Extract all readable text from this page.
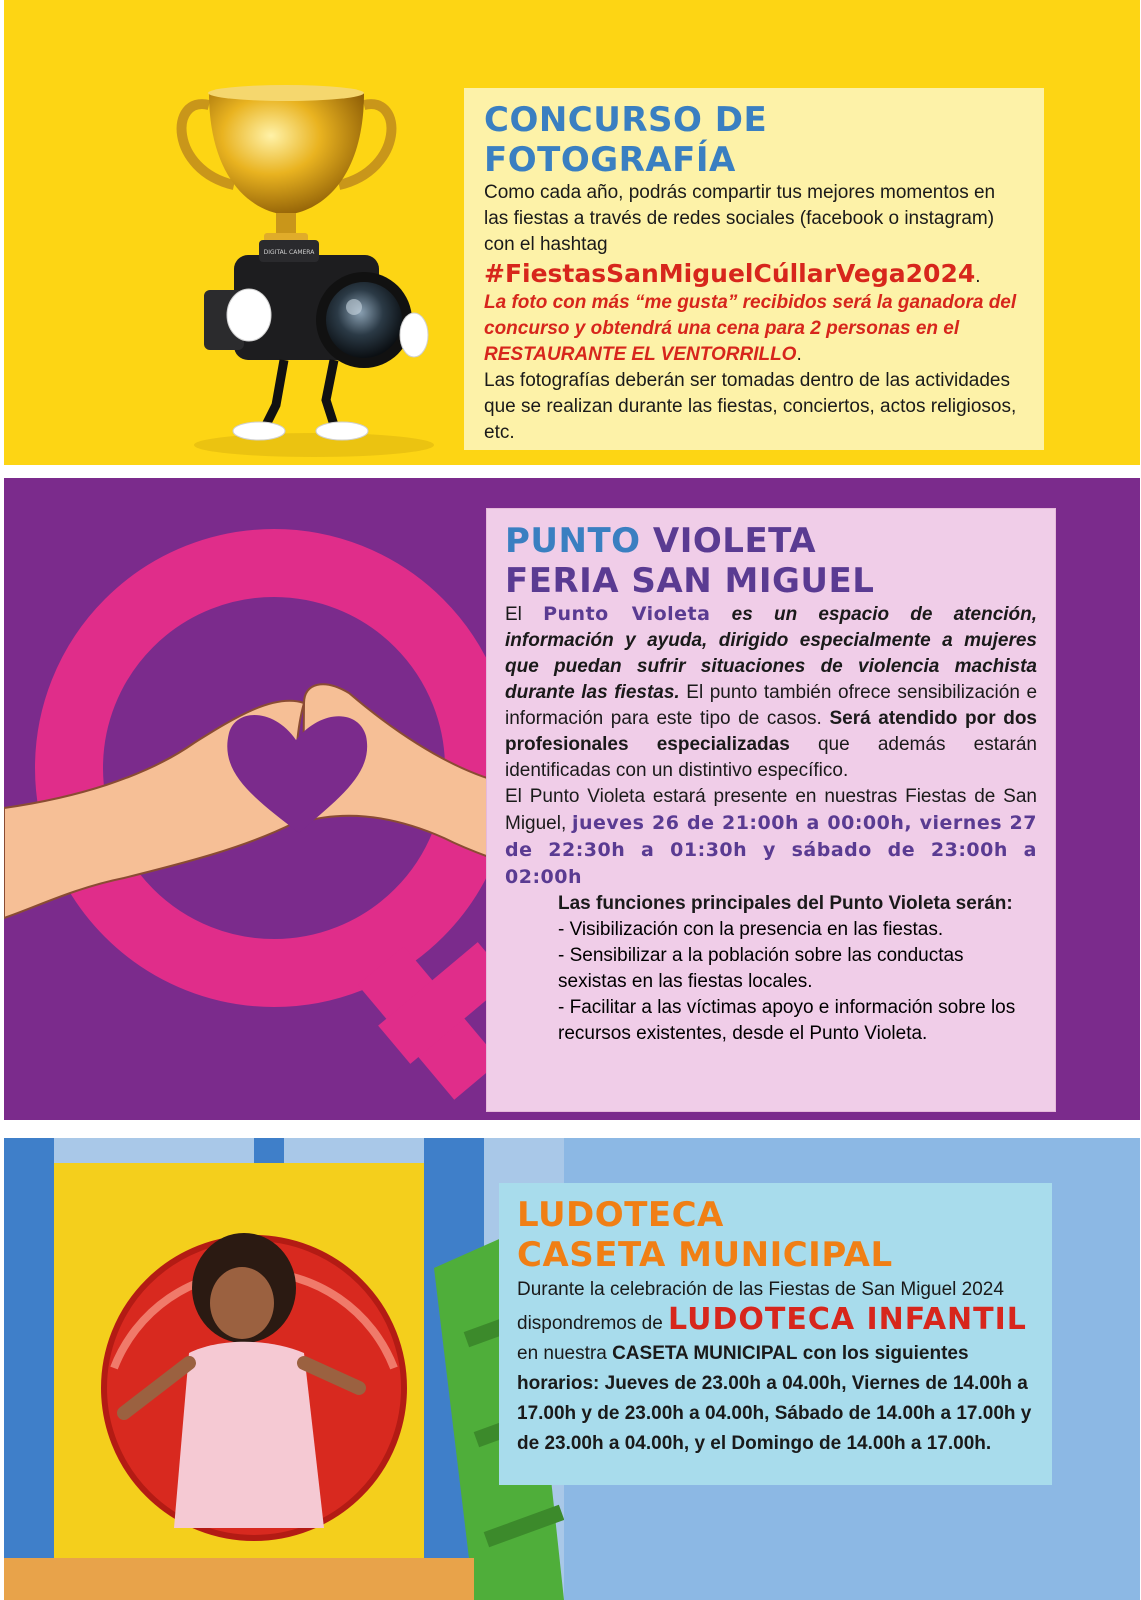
DIGITAL CAMERA
CONCURSO DE
FOTOGRAFÍA

Como cada año, podrás compartir tus mejores momentos en las fiestas a través de redes sociales (facebook o instagram) con el hashtag
#FiestasSanMiguelCúllarVega2024.
La foto con más “me gusta” recibidos será la ganadora del concurso y obtendrá una cena para 2 personas en el RESTAURANTE EL VENTORRILLO.
Las fotografías deberán ser tomadas dentro de las actividades que se realizan durante las fiestas, conciertos, actos religiosos, etc.

PUNTO VIOLETA
FERIA SAN MIGUEL

El Punto Violeta es un espacio de atención, información y ayuda, dirigido especialmente a mujeres que puedan sufrir situaciones de violencia machista durante las fiestas. El punto también ofrece sensibilización e información para este tipo de casos. Será atendido por dos profesionales especializadas que además estarán identificadas con un distintivo específico.

El Punto Violeta estará presente en nuestras Fiestas de San Miguel, jueves 26 de 21:00h a 00:00h, viernes 27 de 22:30h a 01:30h y sábado de 23:00h a 02:00h

Las funciones principales del Punto Violeta serán:

- Visibilización con la presencia en las fiestas.
- Sensibilizar a la población sobre las conductas sexistas en las fiestas locales.
- Facilitar a las víctimas apoyo e información sobre los recursos existentes, desde el Punto Violeta.
LUDOTECA
CASETA MUNICIPAL

Durante la celebración de las Fiestas de San Miguel 2024 dispondremos de LUDOTECA INFANTIL en nuestra CASETA MUNICIPAL con los siguientes horarios: Jueves de 23.00h a 04.00h, Viernes de 14.00h a 17.00h y de 23.00h a 04.00h, Sábado de 14.00h a 17.00h y de 23.00h a 04.00h, y el Domingo de 14.00h a 17.00h.
